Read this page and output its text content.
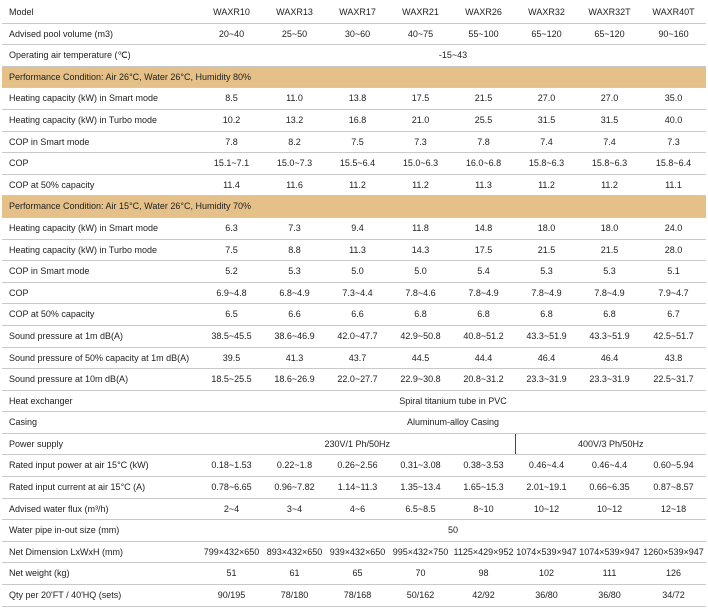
Model	WAXR10	WAXR13	WAXR17	WAXR21	WAXR26	WAXR32	WAXR32T	WAXR40T
Advised pool volume (m3)	20~40	25~50	30~60	40~75	55~100	65~120	65~120	90~160
Operating air temperature (℃)	-15~43							
Performance Condition: Air 26°C, Water 26°C, Humidity 80%								
Heating capacity (kW) in Smart mode	8.5	11.0	13.8	17.5	21.5	27.0	27.0	35.0
Heating capacity (kW) in Turbo mode	10.2	13.2	16.8	21.0	25.5	31.5	31.5	40.0
COP in Smart mode	7.8	8.2	7.5	7.3	7.8	7.4	7.4	7.3
COP	15.1~7.1	15.0~7.3	15.5~6.4	15.0~6.3	16.0~6.8	15.8~6.3	15.8~6.3	15.8~6.4
COP at 50% capacity	11.4	11.6	11.2	11.2	11.3	11.2	11.2	11.1
Performance Condition: Air 15°C, Water 26°C, Humidity 70%								
Heating capacity (kW) in Smart mode	6.3	7.3	9.4	11.8	14.8	18.0	18.0	24.0
Heating capacity (kW) in Turbo mode	7.5	8.8	11.3	14.3	17.5	21.5	21.5	28.0
COP in Smart mode	5.2	5.3	5.0	5.0	5.4	5.3	5.3	5.1
COP	6.9~4.8	6.8~4.9	7.3~4.4	7.8~4.6	7.8~4.9	7.8~4.9	7.8~4.9	7.9~4.7
COP at 50% capacity	6.5	6.6	6.6	6.8	6.8	6.8	6.8	6.7
Sound pressure at 1m dB(A)	38.5~45.5	38.6~46.9	42.0~47.7	42.9~50.8	40.8~51.2	43.3~51.9	43.3~51.9	42.5~51.7
Sound pressure of 50% capacity at 1m dB(A)	39.5	41.3	43.7	44.5	44.4	46.4	46.4	43.8
Sound pressure at 10m dB(A)	18.5~25.5	18.6~26.9	22.0~27.7	22.9~30.8	20.8~31.2	23.3~31.9	23.3~31.9	22.5~31.7
Heat exchanger	Spiral titanium tube in PVC							
Casing	Aluminum-alloy Casing							
Power supply	230V/1 Ph/50Hz					400V/3 Ph/50Hz		
Rated input power at air 15°C (kW)	0.18~1.53	0.22~1.8	0.26~2.56	0.31~3.08	0.38~3.53	0.46~4.4	0.46~4.4	0.60~5.94
Rated input current at air 15°C (A)	0.78~6.65	0.96~7.82	1.14~11.3	1.35~13.4	1.65~15.3	2.01~19.1	0.66~6.35	0.87~8.57
Advised water flux (m³/h)	2~4	3~4	4~6	6.5~8.5	8~10	10~12	10~12	12~18
Water pipe in-out size (mm)	50							
Net Dimension LxWxH (mm)	799×432×650	893×432×650	939×432×650	995×432×750	1125×429×952	1074×539×947	1074×539×947	1260×539×947
Net weight (kg)	51	61	65	70	98	102	111	126
Qty per 20'FT / 40'HQ (sets)	90/195	78/180	78/168	50/162	42/92	36/80	36/80	34/72
